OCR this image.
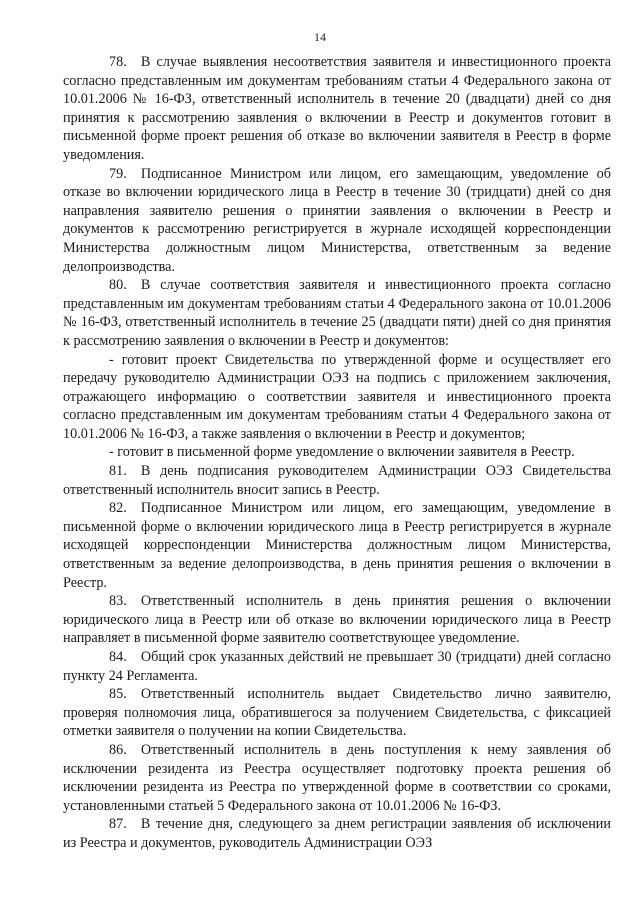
14

78. В случае выявления несоответствия заявителя и инвестиционного проекта согласно представленным им документам требованиям статьи 4 Федерального закона от 10.01.2006 № 16-ФЗ, ответственный исполнитель в течение 20 (двадцати) дней со дня принятия к рассмотрению заявления о включении в Реестр и документов готовит в письменной форме проект решения об отказе во включении заявителя в Реестр в форме уведомления.

79. Подписанное Министром или лицом, его замещающим, уведомление об отказе во включении юридического лица в Реестр в течение 30 (тридцати) дней со дня направления заявителю решения о принятии заявления о включении в Реестр и документов к рассмотрению регистрируется в журнале исходящей корреспонденции Министерства должностным лицом Министерства, ответственным за ведение делопроизводства.

80. В случае соответствия заявителя и инвестиционного проекта согласно представленным им документам требованиям статьи 4 Федерального закона от 10.01.2006 № 16-ФЗ, ответственный исполнитель в течение 25 (двадцати пяти) дней со дня принятия к рассмотрению заявления о включении в Реестр и документов:

- готовит проект Свидетельства по утвержденной форме и осуществляет его передачу руководителю Администрации ОЭЗ на подпись с приложением заключения, отражающего информацию о соответствии заявителя и инвестиционного проекта согласно представленным им документам требованиям статьи 4 Федерального закона от 10.01.2006 № 16-ФЗ, а также заявления о включении в Реестр и документов;

- готовит в письменной форме уведомление о включении заявителя в Реестр.

81. В день подписания руководителем Администрации ОЭЗ Свидетельства ответственный исполнитель вносит запись в Реестр.

82. Подписанное Министром или лицом, его замещающим, уведомление в письменной форме о включении юридического лица в Реестр регистрируется в журнале исходящей корреспонденции Министерства должностным лицом Министерства, ответственным за ведение делопроизводства, в день принятия решения о включении в Реестр.

83. Ответственный исполнитель в день принятия решения о включении юридического лица в Реестр или об отказе во включении юридического лица в Реестр направляет в письменной форме заявителю соответствующее уведомление.

84. Общий срок указанных действий не превышает 30 (тридцати) дней согласно пункту 24 Регламента.

85. Ответственный исполнитель выдает Свидетельство лично заявителю, проверяя полномочия лица, обратившегося за получением Свидетельства, с фиксацией отметки заявителя о получении на копии Свидетельства.

86. Ответственный исполнитель в день поступления к нему заявления об исключении резидента из Реестра осуществляет подготовку проекта решения об исключении резидента из Реестра по утвержденной форме в соответствии со сроками, установленными статьей 5 Федерального закона от 10.01.2006 № 16-ФЗ.

87. В течение дня, следующего за днем регистрации заявления об исключении из Реестра и документов, руководитель Администрации ОЭЗ
